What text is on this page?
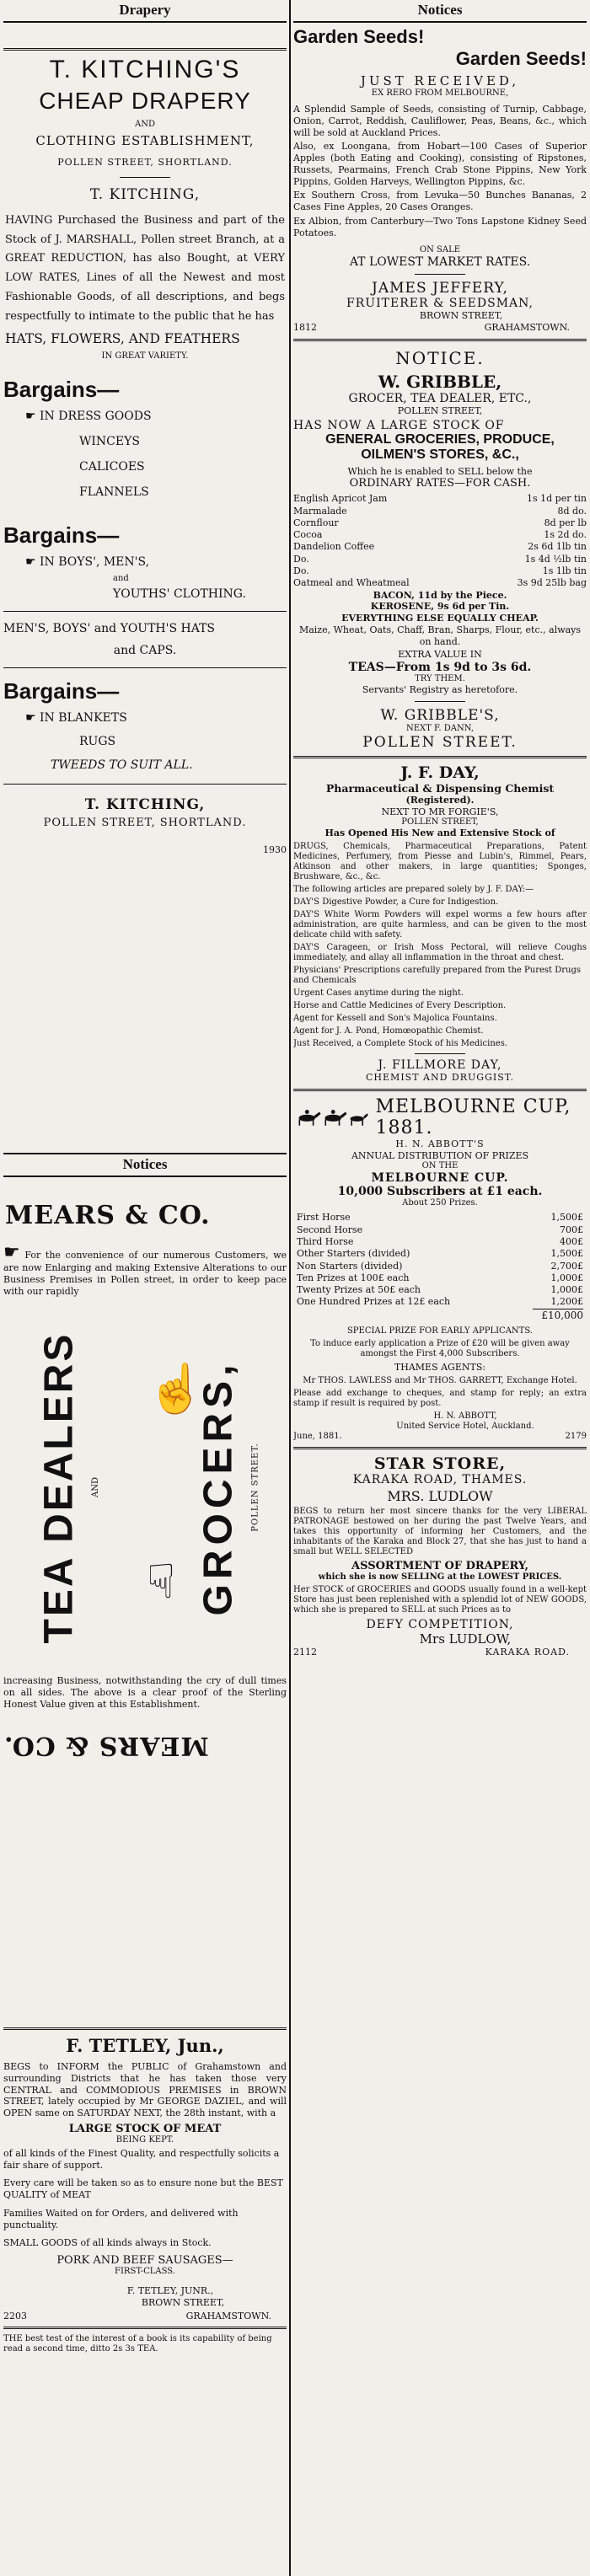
Drapery
T. KITCHING'S
CHEAP DRAPERY
AND
CLOTHING ESTABLISHMENT,
POLLEN STREET, SHORTLAND.
T. KITCHING,

HAVING Purchased the Business and part of the Stock of J. MARSHALL, Pollen street Branch, at a GREAT REDUCTION, has also Bought, at VERY LOW RATES, Lines of all the Newest and most Fashionable Goods, of all descriptions, and begs respectfully to intimate to the public that he has

HATS, FLOWERS, AND FEATHERS
IN GREAT VARIETY.
Bargains—
☛ IN DRESS GOODS
WINCEYS
CALICOES
FLANNELS
Bargains—
☛ IN BOYS', MEN'S,
and
YOUTHS' CLOTHING.
MEN'S, BOYS' and YOUTH'S HATS
and CAPS.
Bargains—
☛ IN BLANKETS
RUGS
TWEEDS TO SUIT ALL.
T. KITCHING,
POLLEN STREET, SHORTLAND.
1930
Notices
MEARS & CO.

☛ For the convenience of our numerous Customers, we are now Enlarging and making Extensive Alterations to our Business Premises in Pollen street, in order to keep pace with our rapidly

TEA DEALERS AND
☝
☟ GROCERS, POLLEN STREET.

increasing Business, notwithstanding the cry of dull times on all sides. The above is a clear proof of the Sterling Honest Value given at this Establishment.

MEARS & CO.
F. TETLEY, Jun.,

BEGS to INFORM the PUBLIC of Grahamstown and surrounding Districts that he has taken those very CENTRAL and COMMODIOUS PREMISES in BROWN STREET, lately occupied by Mr GEORGE DAZIEL, and will OPEN same on SATURDAY NEXT, the 28th instant, with a

LARGE STOCK OF MEAT
BEING KEPT.

of all kinds of the Finest Quality, and respectfully solicits a fair share of support.

Every care will be taken so as to ensure none but the BEST QUALITY of MEAT

Families Waited on for Orders, and delivered with punctuality.

SMALL GOODS of all kinds always in Stock.

PORK AND BEEF SAUSAGES—
FIRST-CLASS.
F. TETLEY, JUNR.,
BROWN STREET,
2203	GRAHAMSTOWN.

THE best test of the interest of a book is its capability of being read a second time, ditto 2s 3s TEA.

Notices
Garden Seeds!
Garden Seeds!
JUST RECEIVED,
EX RERO FROM MELBOURNE,

A Splendid Sample of Seeds, consisting of Turnip, Cabbage, Onion, Carrot, Reddish, Cauliflower, Peas, Beans, &c., which will be sold at Auckland Prices.

Also, ex Loongana, from Hobart—100 Cases of Superior Apples (both Eating and Cooking), consisting of Ripstones, Russets, Pearmains, French Crab Stone Pippins, New York Pippins, Golden Harveys, Wellington Pippins, &c.

Ex Southern Cross, from Levuka—50 Bunches Bananas, 2 Cases Fine Apples, 20 Cases Oranges.

Ex Albion, from Canterbury—Two Tons Lapstone Kidney Seed Potatoes.

ON SALE
AT LOWEST MARKET RATES.
JAMES JEFFERY,
FRUITERER & SEEDSMAN,
BROWN STREET,
1812	GRAHAMSTOWN.
NOTICE.
W. GRIBBLE,
GROCER, TEA DEALER, ETC.,
POLLEN STREET,
HAS NOW A LARGE STOCK OF
GENERAL GROCERIES, PRODUCE,
OILMEN'S STORES, &C.,
Which he is enabled to SELL below the
ORDINARY RATES—FOR CASH.
English Apricot Jam	1s 1d per tin
Marmalade	8d do.
Cornflour	8d per lb
Cocoa	1s 2d do.
Dandelion Coffee	2s 6d 1lb tin
Do.	1s 4d ½lb tin
Do.	1s 1lb tin
Oatmeal and Wheatmeal	3s 9d 25lb bag
BACON, 11d by the Piece.
KEROSENE, 9s 6d per Tin.
EVERYTHING ELSE EQUALLY CHEAP.
Maize, Wheat, Oats, Chaff, Bran, Sharps, Flour, etc., always on hand.
EXTRA VALUE IN
TEAS—From 1s 9d to 3s 6d.
TRY THEM.
Servants' Registry as heretofore.
W. GRIBBLE'S,
NEXT F. DANN,
POLLEN STREET.
J. F. DAY,
Pharmaceutical & Dispensing Chemist
(Registered).
NEXT TO MR FORGIE'S,
POLLEN STREET,
Has Opened His New and Extensive Stock of

DRUGS, Chemicals, Pharmaceutical Preparations, Patent Medicines, Perfumery, from Piesse and Lubin's, Rimmel, Pears, Atkinson and other makers, in large quantities; Sponges, Brushware, &c., &c.

The following articles are prepared solely by J. F. DAY:—

DAY'S Digestive Powder, a Cure for Indigestion.

DAY'S White Worm Powders will expel worms a few hours after administration, are quite harmless, and can be given to the most delicate child with safety.

DAY'S Carageen, or Irish Moss Pectoral, will relieve Coughs immediately, and allay all inflammation in the throat and chest.

Physicians' Prescriptions carefully prepared from the Purest Drugs and Chemicals

Urgent Cases anytime during the night.

Horse and Cattle Medicines of Every Description.

Agent for Kessell and Son's Majolica Fountains.

Agent for J. A. Pond, Homœopathic Chemist.

Just Received, a Complete Stock of his Medicines.

J. FILLMORE DAY,
CHEMIST AND DRUGGIST.
MELBOURNE CUP, 1881.
H. N. ABBOTT'S
ANNUAL DISTRIBUTION OF PRIZES
ON THE
MELBOURNE CUP.
10,000 Subscribers at £1 each.
About 250 Prizes.
First Horse	1,500£
Second Horse	700£
Third Horse	400£
Other Starters (divided)	1,500£
Non Starters (divided)	2,700£
Ten Prizes at 100£ each	1,000£
Twenty Prizes at 50£ each	1,000£
One Hundred Prizes at 12£ each	1,200£
£10,000
SPECIAL PRIZE FOR EARLY APPLICANTS.

To induce early application a Prize of £20 will be given away amongst the First 4,000 Subscribers.

THAMES AGENTS:

Mr THOS. LAWLESS and Mr THOS. GARRETT, Exchange Hotel.

Please add exchange to cheques, and stamp for reply; an extra stamp if result is required by post.

H. N. ABBOTT,
United Service Hotel, Auckland.
June, 1881.	2179
STAR STORE,
KARAKA ROAD, THAMES.
MRS. LUDLOW

BEGS to return her most sincere thanks for the very LIBERAL PATRONAGE bestowed on her during the past Twelve Years, and takes this opportunity of informing her Customers, and the inhabitants of the Karaka and Block 27, that she has just to hand a small but WELL SELECTED

ASSORTMENT OF DRAPERY,
which she is now SELLING at the LOWEST PRICES.

Her STOCK of GROCERIES and GOODS usually found in a well-kept Store has just been replenished with a splendid lot of NEW GOODS, which she is prepared to SELL at such Prices as to

DEFY COMPETITION,
Mrs LUDLOW,
2112	KARAKA ROAD.
